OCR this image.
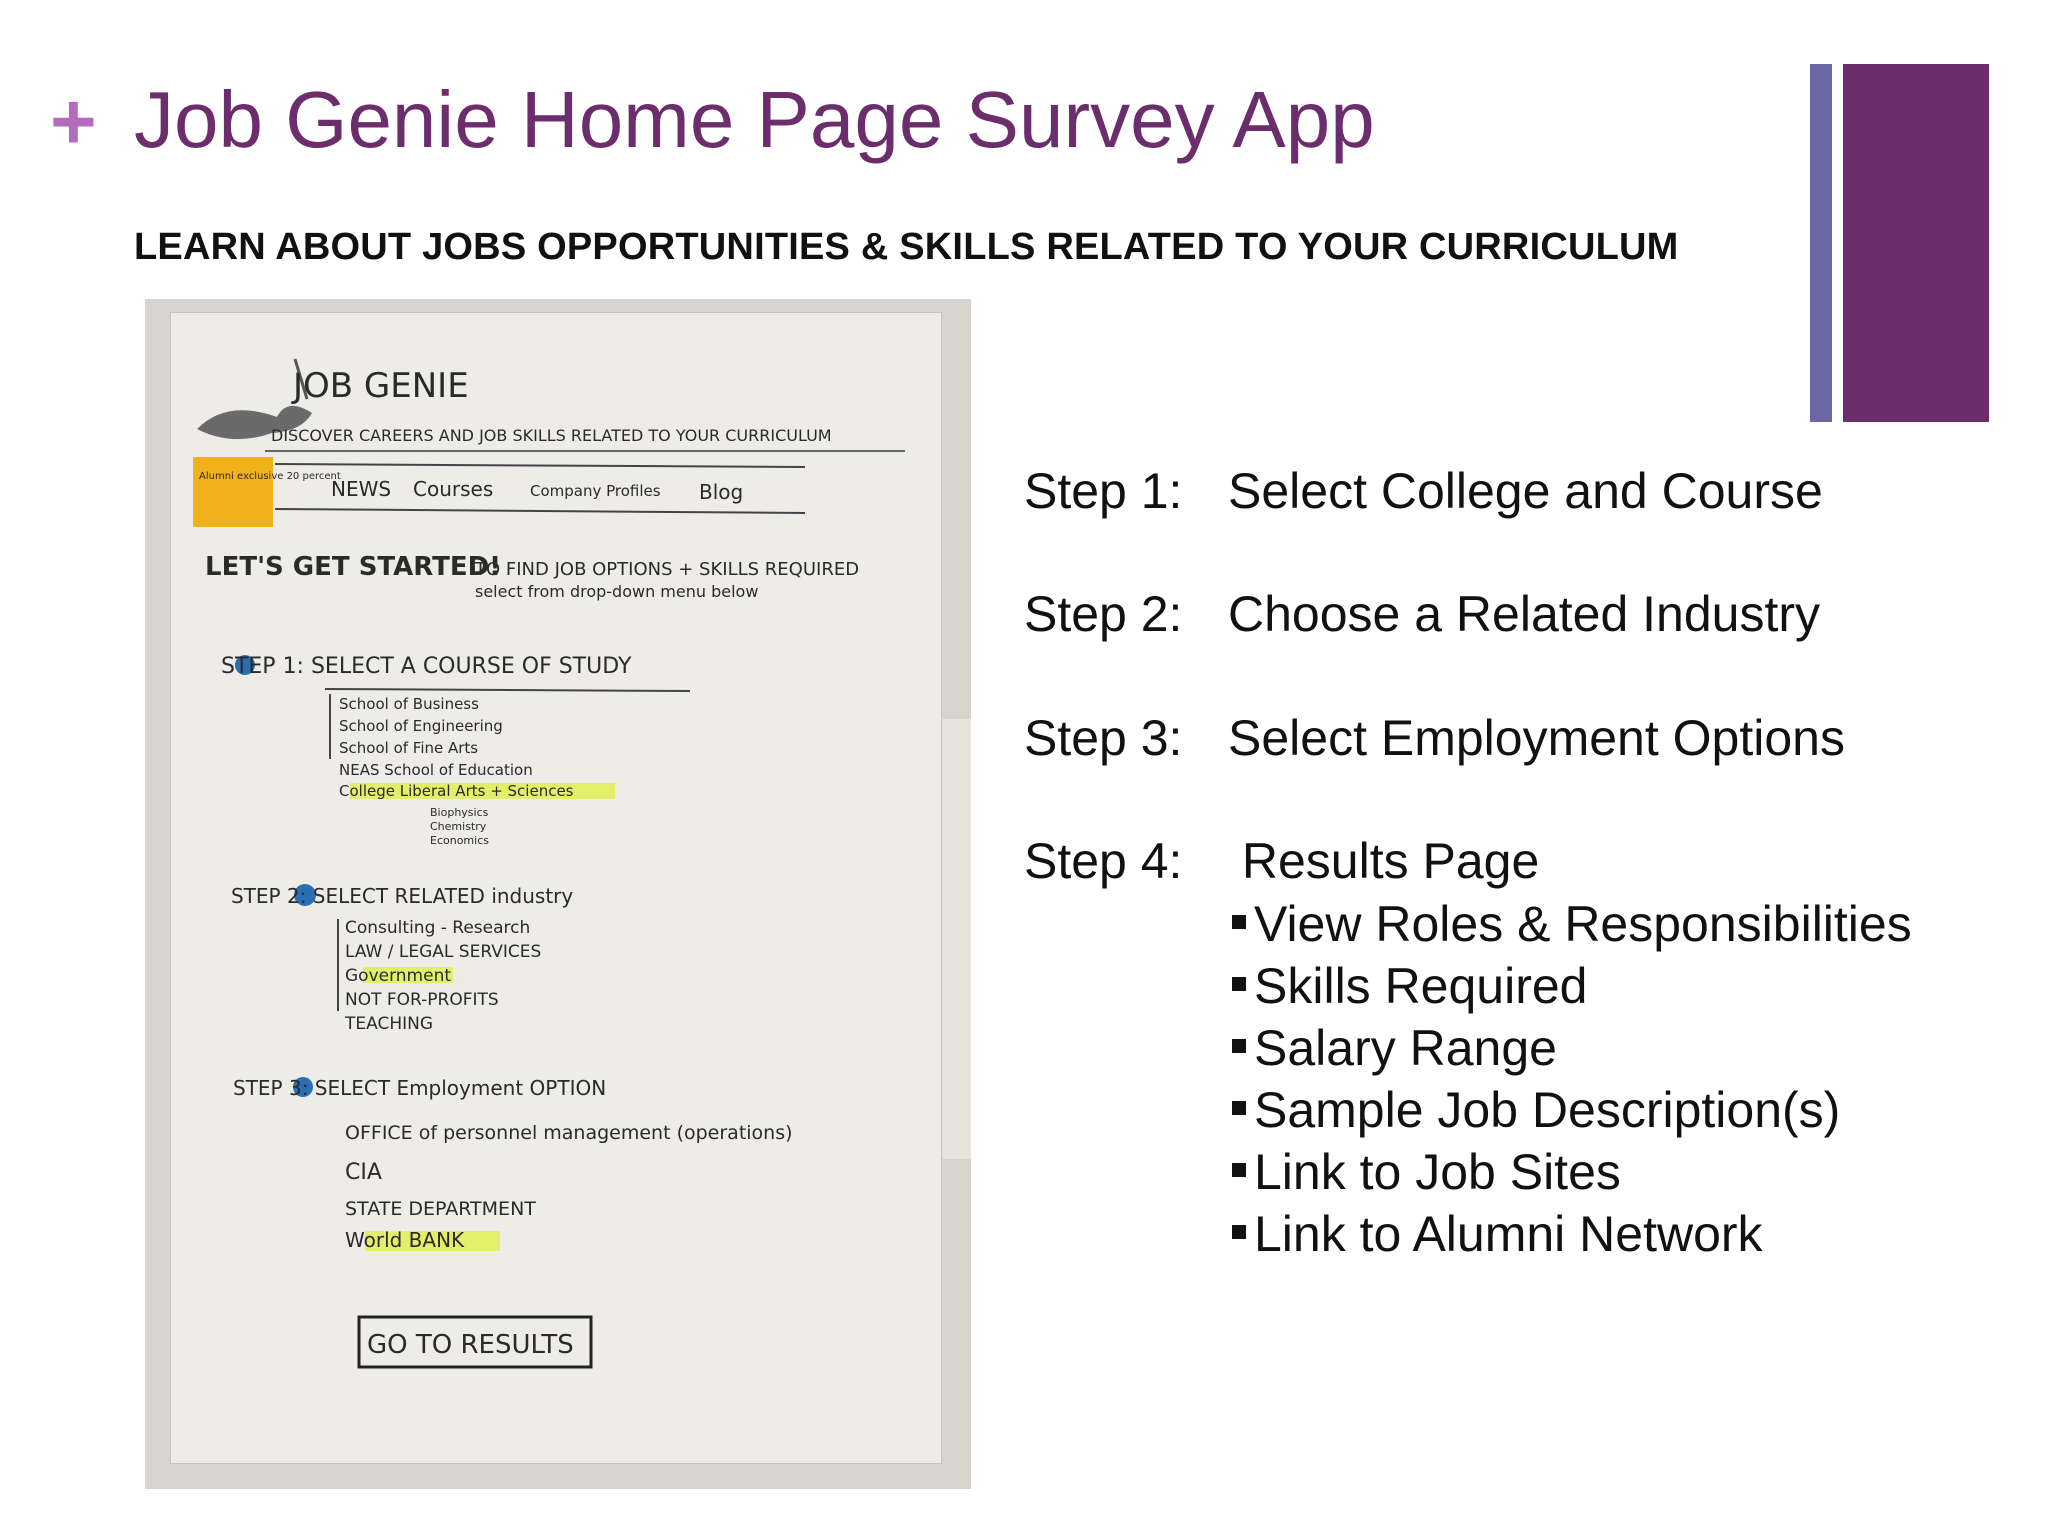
+ Job Genie Home Page Survey App
LEARN ABOUT JOBS OPPORTUNITIES & SKILLS RELATED TO YOUR CURRICULUM
JOB GENIE
DISCOVER CAREERS AND JOB SKILLS RELATED TO YOUR CURRICULUM
Alumni exclusive 20 percent
NEWS Courses Company Profiles Blog
LET'S GET STARTED!
TO FIND JOB OPTIONS + SKILLS REQUIRED
select from drop-down menu below
STEP 1: SELECT A COURSE OF STUDY
School of Business
School of Engineering
School of Fine Arts
NEAS School of Education
College Liberal Arts + Sciences
Biophysics
Chemistry
Economics
STEP 2: SELECT RELATED industry
Consulting - Research
LAW / LEGAL SERVICES
Government
NOT FOR-PROFITS
TEACHING
STEP 3: SELECT Employment OPTION
OFFICE of personnel management (operations)
CIA
STATE DEPARTMENT
World BANK
GO TO RESULTS
Step 1: Select College and Course
Step 2: Choose a Related Industry
Step 3: Select Employment Options
Step 4: Results Page
View Roles & Responsibilities
Skills Required
Salary Range
Sample Job Description(s)
Link to Job Sites
Link to Alumni Network
